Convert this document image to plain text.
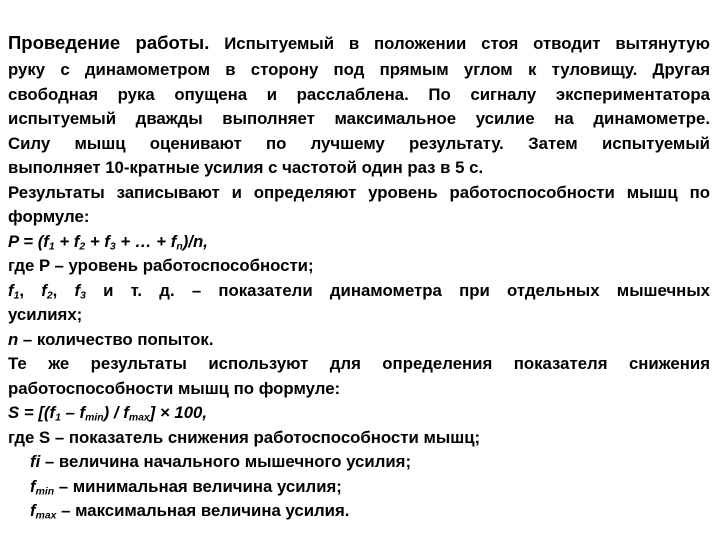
Проведение работы. Испытуемый в положении стоя отводит вытянутую
руку с динамометром в сторону под прямым углом к туловищу. Другая
свободная рука опущена и расслаблена. По сигналу экспериментатора
испытуемый дважды выполняет максимальное усилие на динамометре.
Силу мышц оценивают по лучшему результату. Затем испытуемый
выполняет 10-кратные усилия с частотой один раз в 5 с.
Результаты записывают и определяют уровень работоспособности мышц по
формуле:
$P = (f_1 + f_2 + f_3$ + … + $f_n)/n$,
где P – уровень работоспособности;
$f_1$, $f_2$, $f_3$ и т. д. – показатели динамометра при отдельных мышечных
усилиях;
n – количество попыток.
Те же результаты используют для определения показателя снижения
работоспособности мышц по формуле:
$S = [(f_1 - f_{min}) / f_{max}] \times 100$,
где S – показатель снижения работоспособности мышц;
fi – величина начального мышечного усилия;
$f_{min}$ – минимальная величина усилия;
$f_{max}$ – максимальная величина усилия.
